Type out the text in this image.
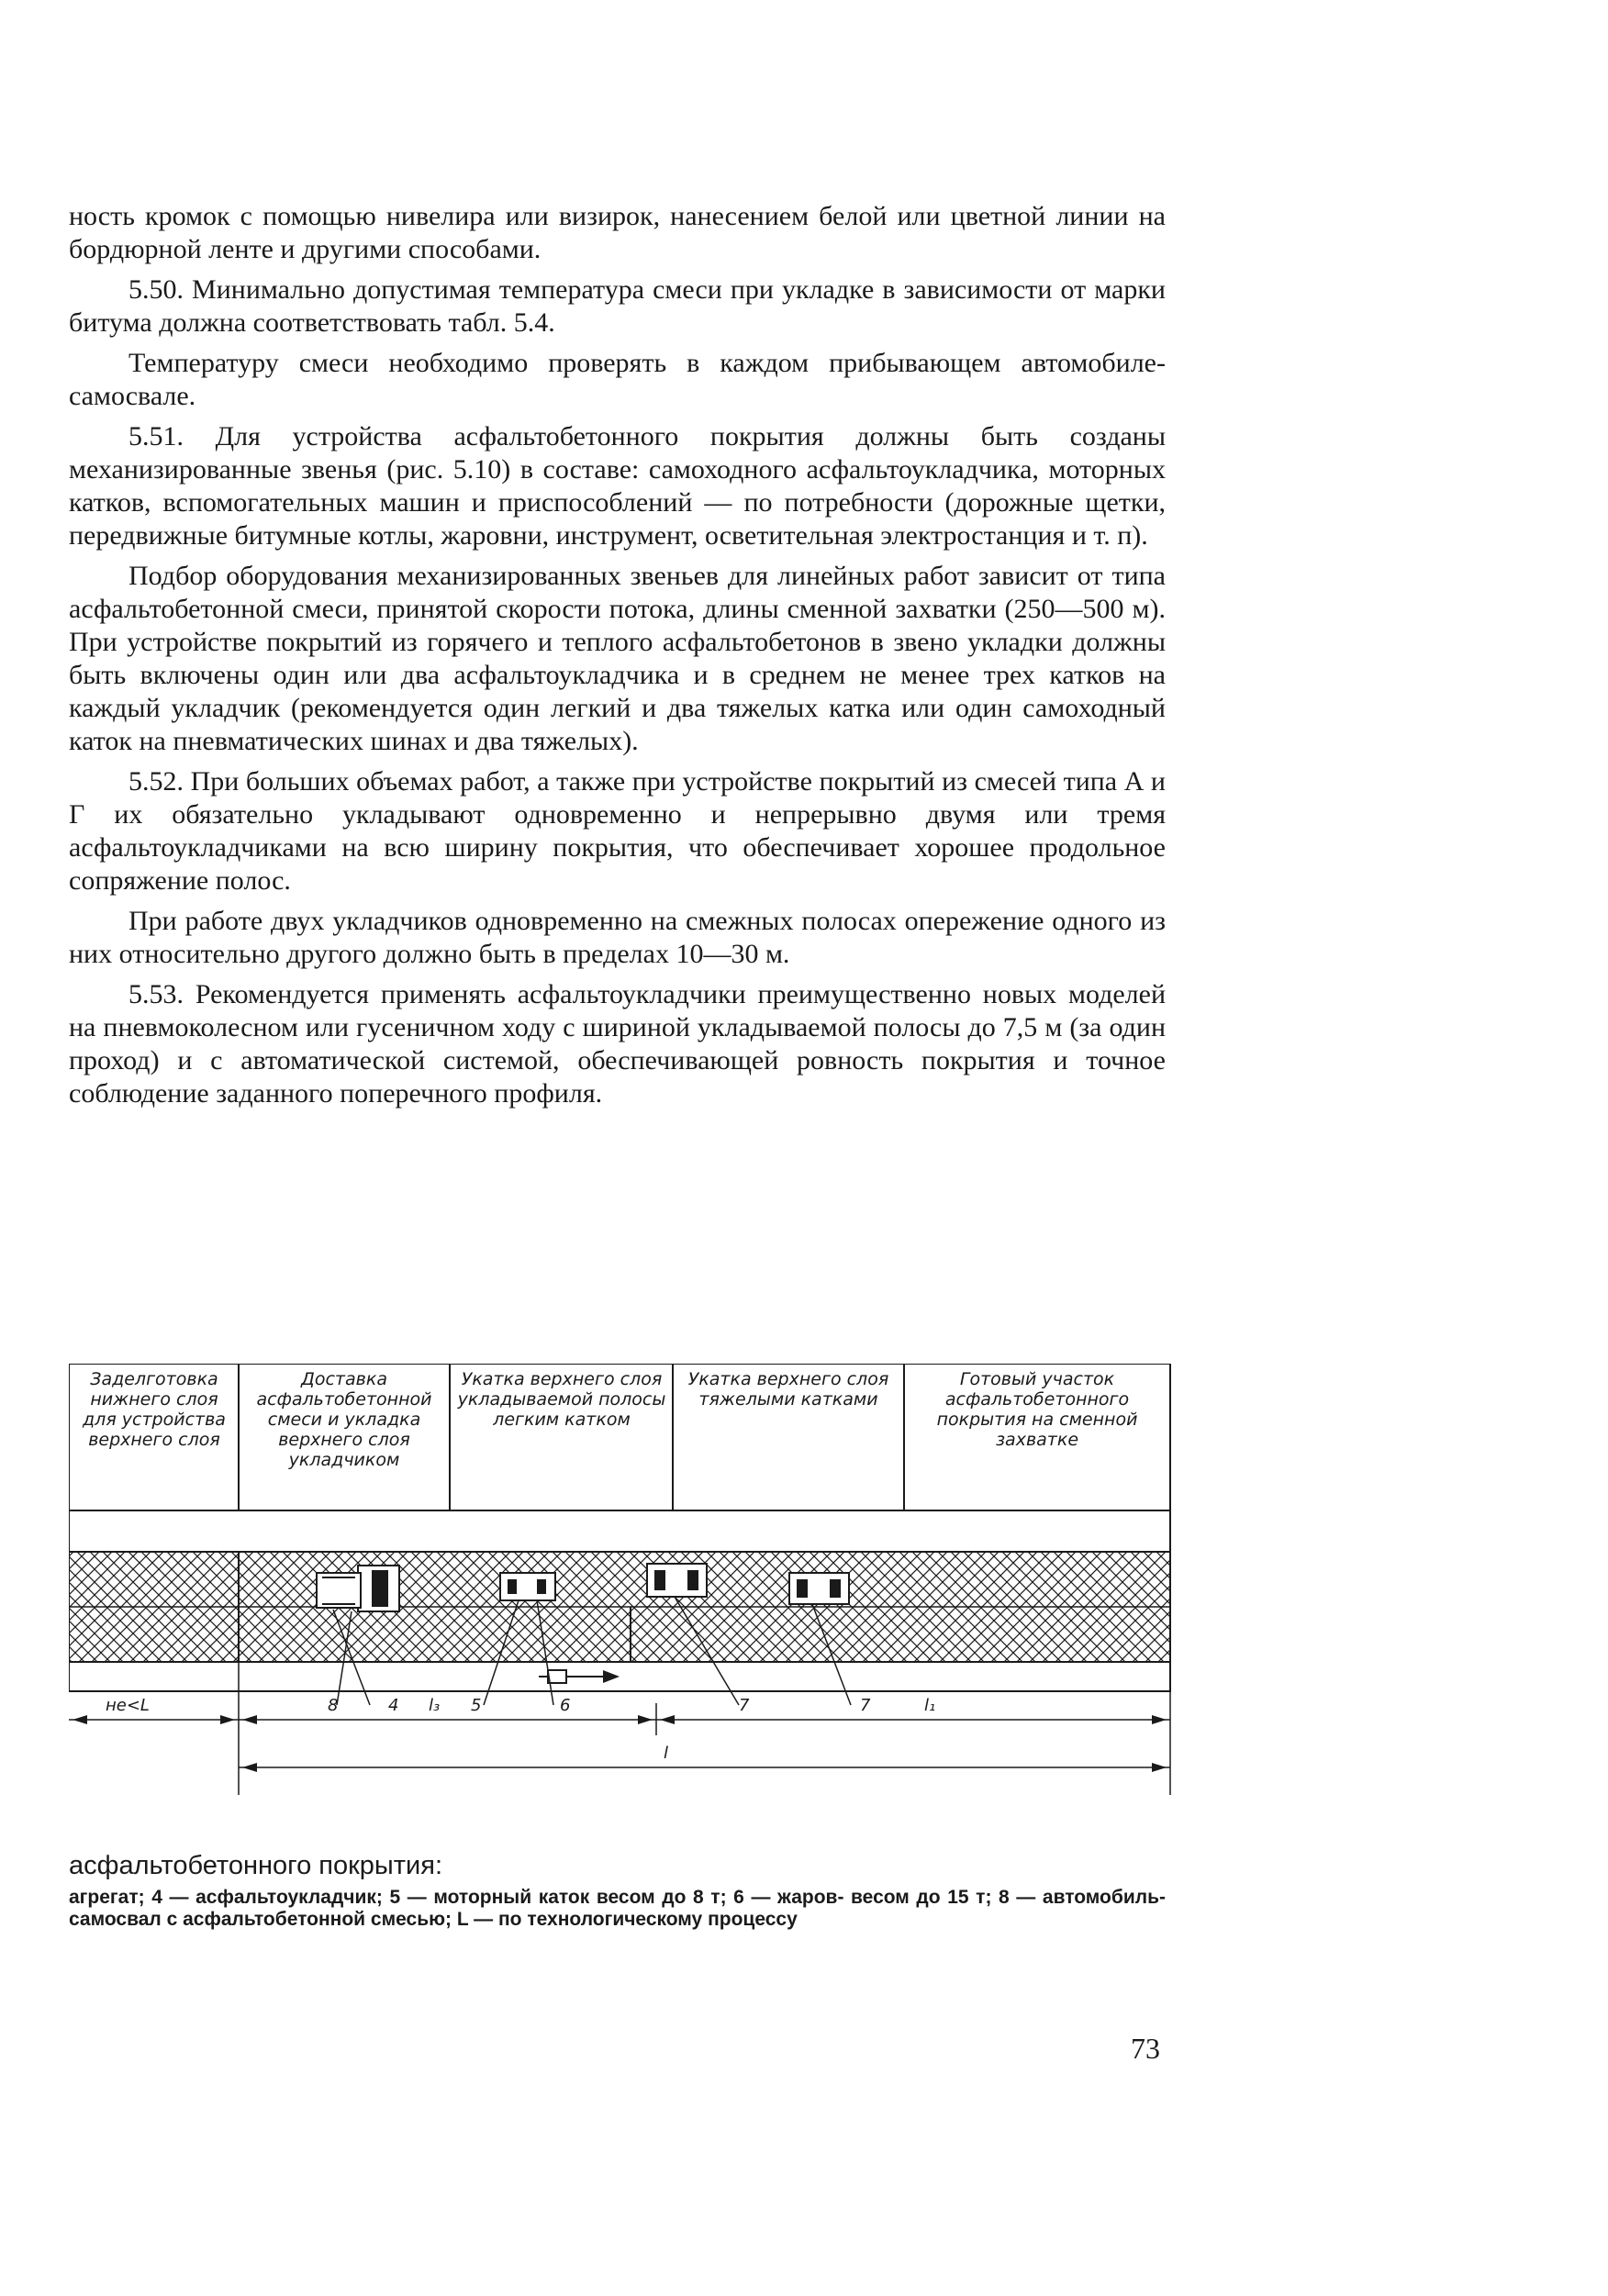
ность кромок с помощью нивелира или визирок, нанесением белой или цветной линии на бордюрной ленте и другими способами.

5.50. Минимально допустимая температура смеси при укладке в зависимости от марки битума должна соответствовать табл. 5.4.

Температуру смеси необходимо проверять в каждом прибывающем автомобиле-самосвале.

5.51. Для устройства асфальтобетонного покрытия должны быть созданы механизированные звенья (рис. 5.10) в составе: самоходного асфальтоукладчика, моторных катков, вспомогательных машин и приспособлений — по потребности (дорожные щетки, передвижные битумные котлы, жаровни, инструмент, осветительная электростанция и т. п).

Подбор оборудования механизированных звеньев для линейных работ зависит от типа асфальтобетонной смеси, принятой скорости потока, длины сменной захватки (250—500 м). При устройстве покрытий из горячего и теплого асфальтобетонов в звено укладки должны быть включены один или два асфальтоукладчика и в среднем не менее трех катков на каждый укладчик (рекомендуется один легкий и два тяжелых катка или один самоходный каток на пневматических шинах и два тяжелых).

5.52. При больших объемах работ, а также при устройстве покрытий из смесей типа А и Г их обязательно укладывают одновременно и непрерывно двумя или тремя асфальтоукладчиками на всю ширину покрытия, что обеспечивает хорошее продольное сопряжение полос.

При работе двух укладчиков одновременно на смежных полосах опережение одного из них относительно другого должно быть в пределах 10—30 м.

5.53. Рекомендуется применять асфальтоукладчики преимущественно новых моделей на пневмоколесном или гусеничном ходу с шириной укладываемой полосы до 7,5 м (за один проход) и с автоматической системой, обеспечивающей ровность покрытия и точное соблюдение заданного поперечного профиля.

Заделготовка нижнего слоя для устройства верхнего слоя
Доставка асфальтобетонной смеси и укладка верхнего слоя укладчиком
Укатка верхнего слоя укладываемой полосы легким катком
Укатка верхнего слоя тяжелыми катками
Готовый участок асфальтобетонного покрытия на сменной захватке
8	4 l₃ 5	6	7	7	l₁
не<L
l
асфальтобетонного покрытия:
агрегат; 4 — асфальтоукладчик; 5 — моторный каток весом до 8 т; 6 — жаров- весом до 15 т; 8 — автомобиль-самосвал с асфальтобетонной смесью; L — по технологическому процессу
73
